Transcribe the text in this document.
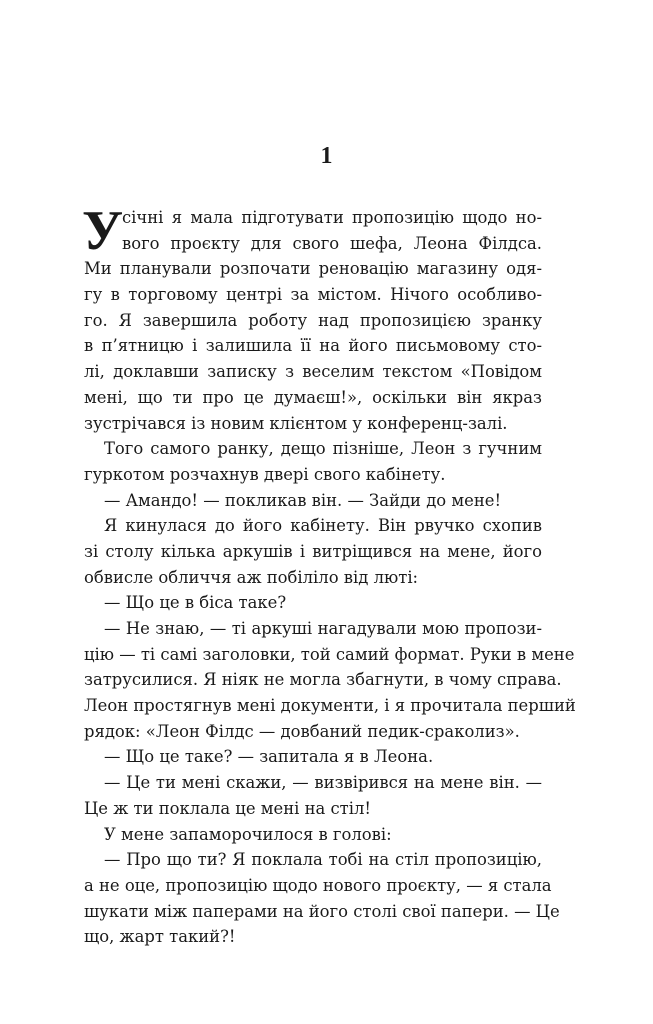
1
У
січні я мала підготувати пропозицію щодо но-
вого проєкту для свого шефа, Леона Філдса.
Ми планували розпочати реновацію магазину одя-
гу в торговому центрі за містом. Нічого особливо-
го. Я завершила роботу над пропозицією зранку
в п’ятницю і залишила її на його письмовому сто-
лі, доклавши записку з веселим текстом «Повідом
мені, що ти про це думаєш!», оскільки він якраз
зустрічався із новим клієнтом у конференц-залі.
Того самого ранку, дещо пізніше, Леон з гучним
гуркотом розчахнув двері свого кабінету.
— Амандо! — покликав він. — Зайди до мене!
Я кинулася до його кабінету. Він рвучко схопив
зі столу кілька аркушів і витріщився на мене, його
обвисле обличчя аж побіліло від люті:
— Що це в біса таке?
— Не знаю, — ті аркуші нагадували мою пропози-
цію — ті самі заголовки, той самий формат. Руки в мене
затрусилися. Я ніяк не могла збагнути, в чому справа.
Леон простягнув мені документи, і я прочитала перший
рядок: «Леон Філдс — довбаний педик-сраколиз».
— Що це таке? — запитала я в Леона.
— Це ти мені скажи, — визвірився на мене він. —
Це ж ти поклала це мені на стіл!
У мене запаморочилося в голові:
— Про що ти? Я поклала тобі на стіл пропозицію,
а не оце, пропозицію щодо нового проєкту, — я стала
шукати між паперами на його столі свої папери. — Це
що, жарт такий?!
